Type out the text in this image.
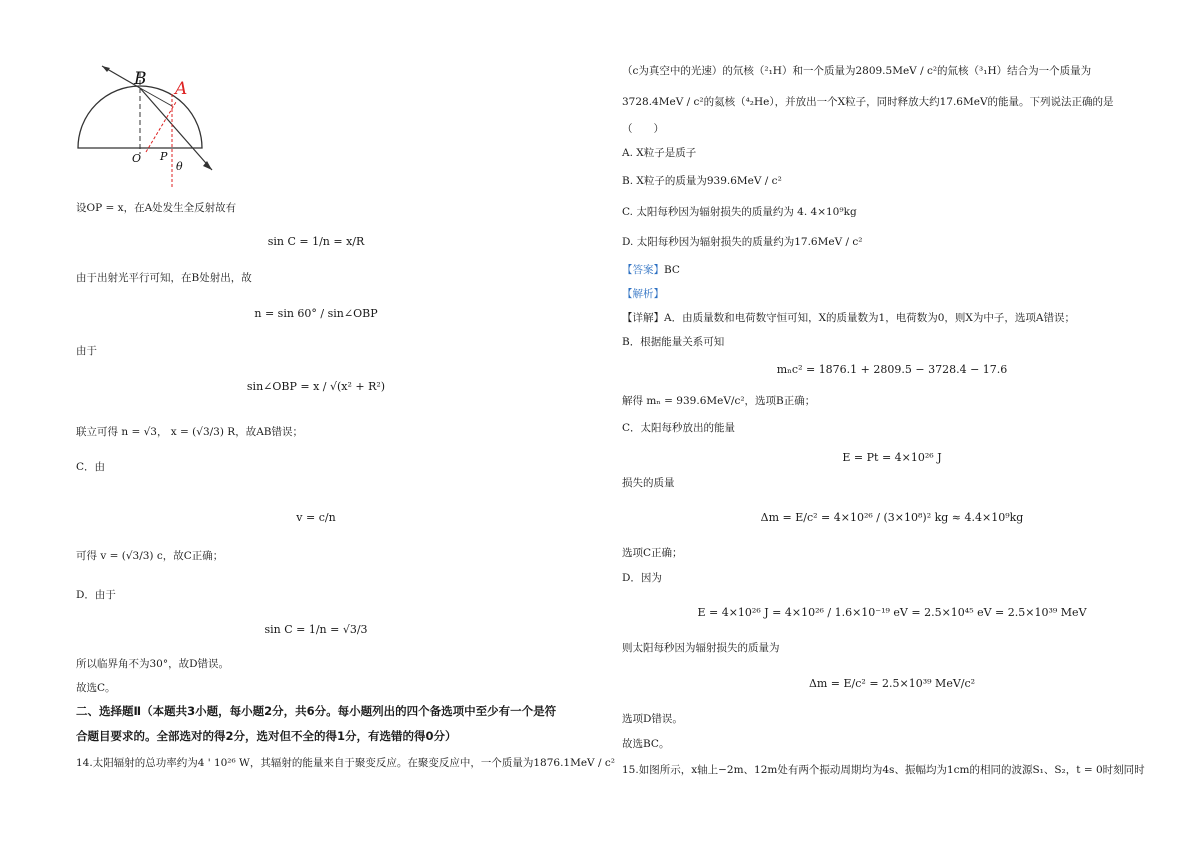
B A
O P
θ
设OP = x，在A处发生全反射故有
sin C = 1/n = x/R
由于出射光平行可知，在B处射出，故
n = sin 60° / sin∠OBP
由于
sin∠OBP = x / √(x² + R²)
联立可得 n = √3， x = (√3/3) R，故AB错误；
C．由
v = c/n
可得 v = (√3/3) c，故C正确；
D．由于
sin C = 1/n = √3/3
所以临界角不为30°，故D错误。
故选C。
二、选择题Ⅱ（本题共3小题，每小题2分，共6分。每小题列出的四个备选项中至少有一个是符
合题目要求的。全部选对的得2分，选对但不全的得1分，有选错的得0分）
14.太阳辐射的总功率约为4 ' 10²⁶ W，其辐射的能量来自于聚变反应。在聚变反应中，一个质量为1876.1MeV / c²
（c为真空中的光速）的氘核（²₁H）和一个质量为2809.5MeV / c²的氚核（³₁H）结合为一个质量为
3728.4MeV / c²的氦核（⁴₂He），并放出一个X粒子，同时释放大约17.6MeV的能量。下列说法正确的是
（　　）
A. X粒子是质子
B. X粒子的质量为939.6MeV / c²
C. 太阳每秒因为辐射损失的质量约为 4. 4×10⁹kg
D. 太阳每秒因为辐射损失的质量约为17.6MeV / c²
【答案】BC
【解析】
【详解】A．由质量数和电荷数守恒可知，X的质量数为1，电荷数为0，则X为中子，选项A错误；
B．根据能量关系可知
mₙc² = 1876.1 + 2809.5 − 3728.4 − 17.6
解得 mₙ = 939.6MeV/c²，选项B正确；
C．太阳每秒放出的能量
E = Pt = 4×10²⁶ J
损失的质量
Δm = E/c² = 4×10²⁶ / (3×10⁸)² kg ≈ 4.4×10⁹kg
选项C正确；
D．因为
E = 4×10²⁶ J = 4×10²⁶ / 1.6×10⁻¹⁹ eV = 2.5×10⁴⁵ eV = 2.5×10³⁹ MeV
则太阳每秒因为辐射损失的质量为
Δm = E/c² = 2.5×10³⁹ MeV/c²
选项D错误。
故选BC。
15.如图所示，x轴上−2m、12m处有两个振动周期均为4s、振幅均为1cm的相同的波源S₁、S₂，t = 0时刻同时
